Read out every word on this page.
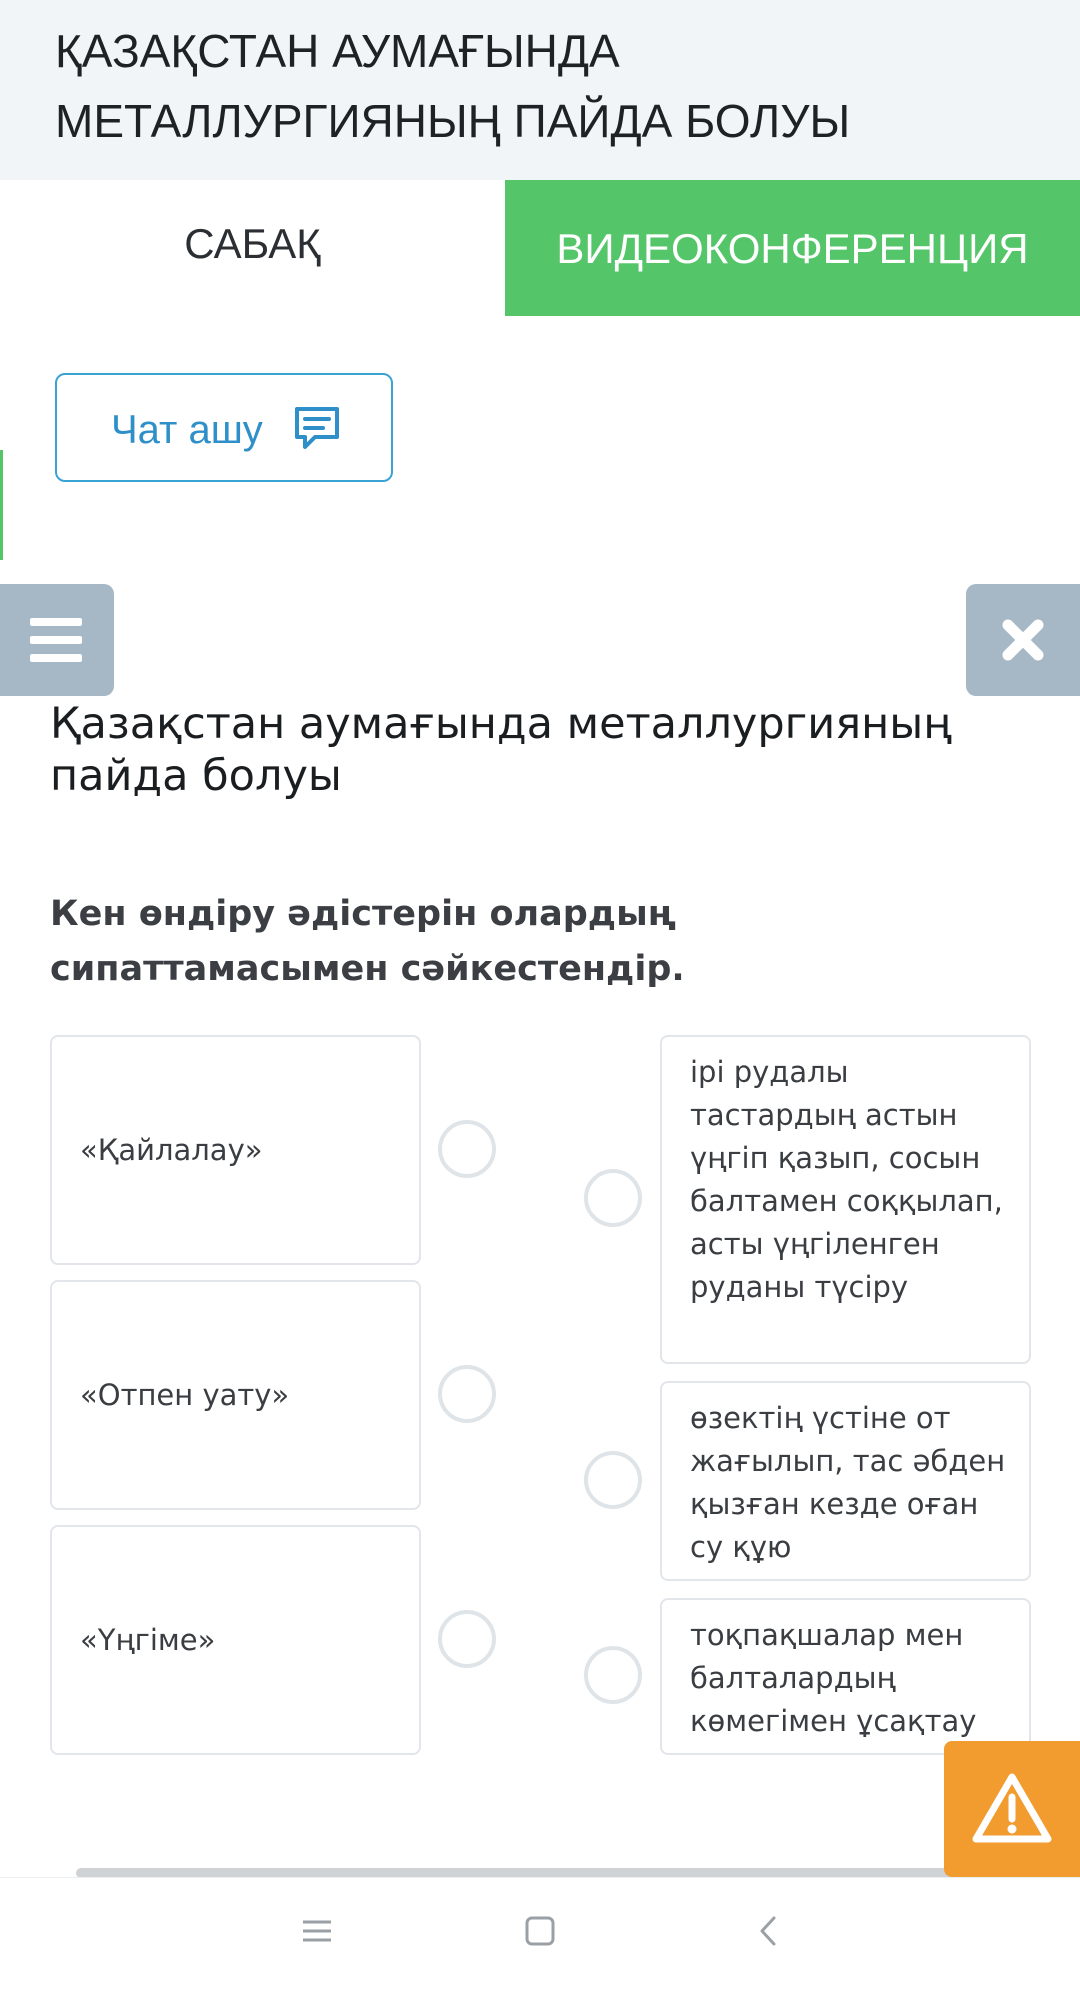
ҚАЗАҚСТАН АУМАҒЫНДА МЕТАЛЛУРГИЯНЫҢ ПАЙДА БОЛУЫ
САБАҚ	ВИДЕОКОНФЕРЕНЦИЯ
Чат ашу
Қазақстан аумағында металлургияның пайда болуы
Кен өндіру әдістерін олардың сипаттамасымен сәйкестендір.
«Қайлалау»
«Отпен уату»
«Үңгіме»
ірі рудалы тастардың астын үңгіп қазып, сосын балтамен соққылап, асты үңгіленген руданы түсіру
өзектің үстіне от жағылып, тас әбден қызған кезде оған су құю
тоқпақшалар мен балталардың көмегімен ұсақтау
